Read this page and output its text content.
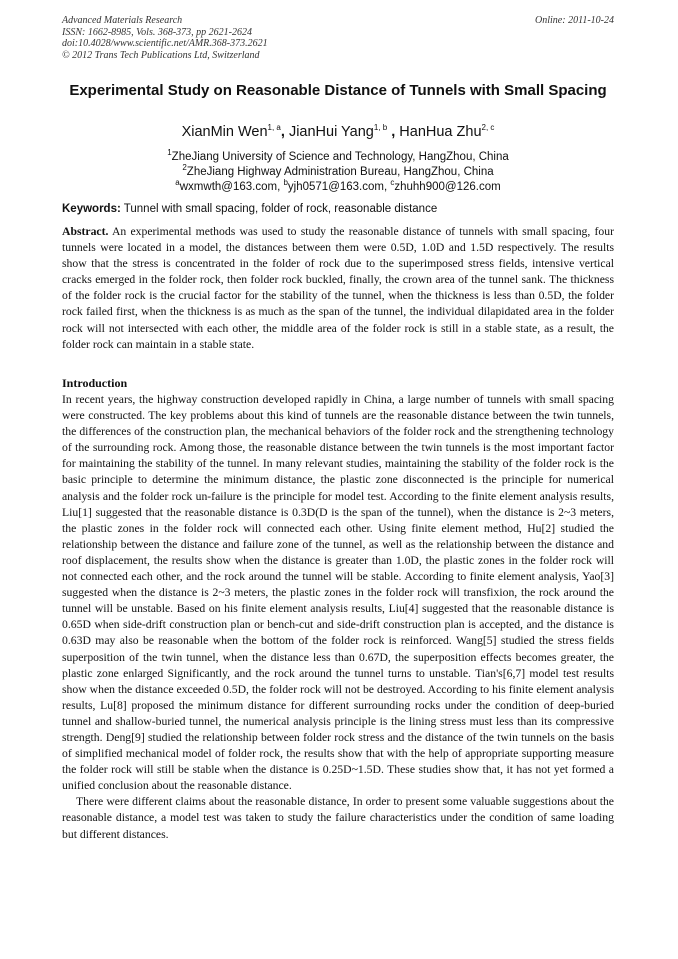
Advanced Materials Research
ISSN: 1662-8985, Vols. 368-373, pp 2621-2624
doi:10.4028/www.scientific.net/AMR.368-373.2621
© 2012 Trans Tech Publications Ltd, Switzerland
Online: 2011-10-24
Experimental Study on Reasonable Distance of Tunnels with Small Spacing
XianMin Wen$^{1, a}$, JianHui Yang$^{1, b}$ , HanHua Zhu$^{2, c}$
$^1$ZheJiang University of Science and Technology, HangZhou, China
$^2$ZheJiang Highway Administration Bureau, HangZhou, China
$^a$wxmwth@163.com, $^b$yjh0571@163.com, $^c$zhuhh900@126.com
Keywords: Tunnel with small spacing, folder of rock, reasonable distance
Abstract. An experimental methods was used to study the reasonable distance of tunnels with small spacing, four tunnels were located in a model, the distances between them were 0.5D, 1.0D and 1.5D respectively. The results show that the stress is concentrated in the folder of rock due to the superimposed stress fields, intensive vertical cracks emerged in the folder rock, then folder rock buckled, finally, the crown area of the tunnel sank. The thickness of the folder rock is the crucial factor for the stability of the tunnel, when the thickness is less than 0.5D, the folder rock failed first, when the thickness is as much as the span of the tunnel, the individual dilapidated area in the folder rock will not intersected with each other, the middle area of the folder rock is still in a stable state, as a result, the folder rock can maintain in a stable state.
Introduction

In recent years, the highway construction developed rapidly in China, a large number of tunnels with small spacing were constructed. The key problems about this kind of tunnels are the reasonable distance between the twin tunnels, the differences of the construction plan, the mechanical behaviors of the folder rock and the strengthening technology of the surrounding rock. Among those, the reasonable distance between the twin tunnels is the most important factor for maintaining the stability of the tunnel. In many relevant studies, maintaining the stability of the folder rock is the basic principle to determine the minimum distance, the plastic zone disconnected is the principle for numerical analysis and the folder rock un-failure is the principle for model test. According to the finite element analysis results, Liu[1] suggested that the reasonable distance is 0.3D(D is the span of the tunnel), when the distance is 2~3 meters, the plastic zones in the folder rock will connected each other. Using finite element method, Hu[2] studied the relationship between the distance and failure zone of the tunnel, as well as the relationship between the distance and roof displacement, the results show when the distance is greater than 1.0D, the plastic zones in the folder rock will not connected each other, and the rock around the tunnel will be stable. According to finite element analysis, Yao[3] suggested when the distance is 2~3 meters, the plastic zones in the folder rock will transfixion, the rock around the tunnel will be unstable. Based on his finite element analysis results, Liu[4] suggested that the reasonable distance is 0.65D when side-drift construction plan or bench-cut and side-drift construction plan is accepted, and the distance is 0.63D may also be reasonable when the bottom of the folder rock is reinforced. Wang[5] studied the stress fields superposition of the twin tunnel, when the distance less than 0.67D, the superposition effects becomes greater, the plastic zone enlarged Significantly, and the rock around the tunnel turns to unstable. Tian's[6,7] model test results show when the distance exceeded 0.5D, the folder rock will not be destroyed. According to his finite element analysis results, Lu[8] proposed the minimum distance for different surrounding rocks under the condition of deep-buried tunnel and shallow-buried tunnel, the numerical analysis principle is the lining stress must less than its compressive strength. Deng[9] studied the relationship between folder rock stress and the distance of the twin tunnels on the basis of simplified mechanical model of folder rock, the results show that with the help of appropriate supporting measure the folder rock will still be stable when the distance is 0.25D~1.5D. These studies show that, it has not yet formed a unified conclusion about the reasonable distance.

There were different claims about the reasonable distance, In order to present some valuable suggestions about the reasonable distance, a model test was taken to study the failure characteristics under the condition of same loading but different distances.
